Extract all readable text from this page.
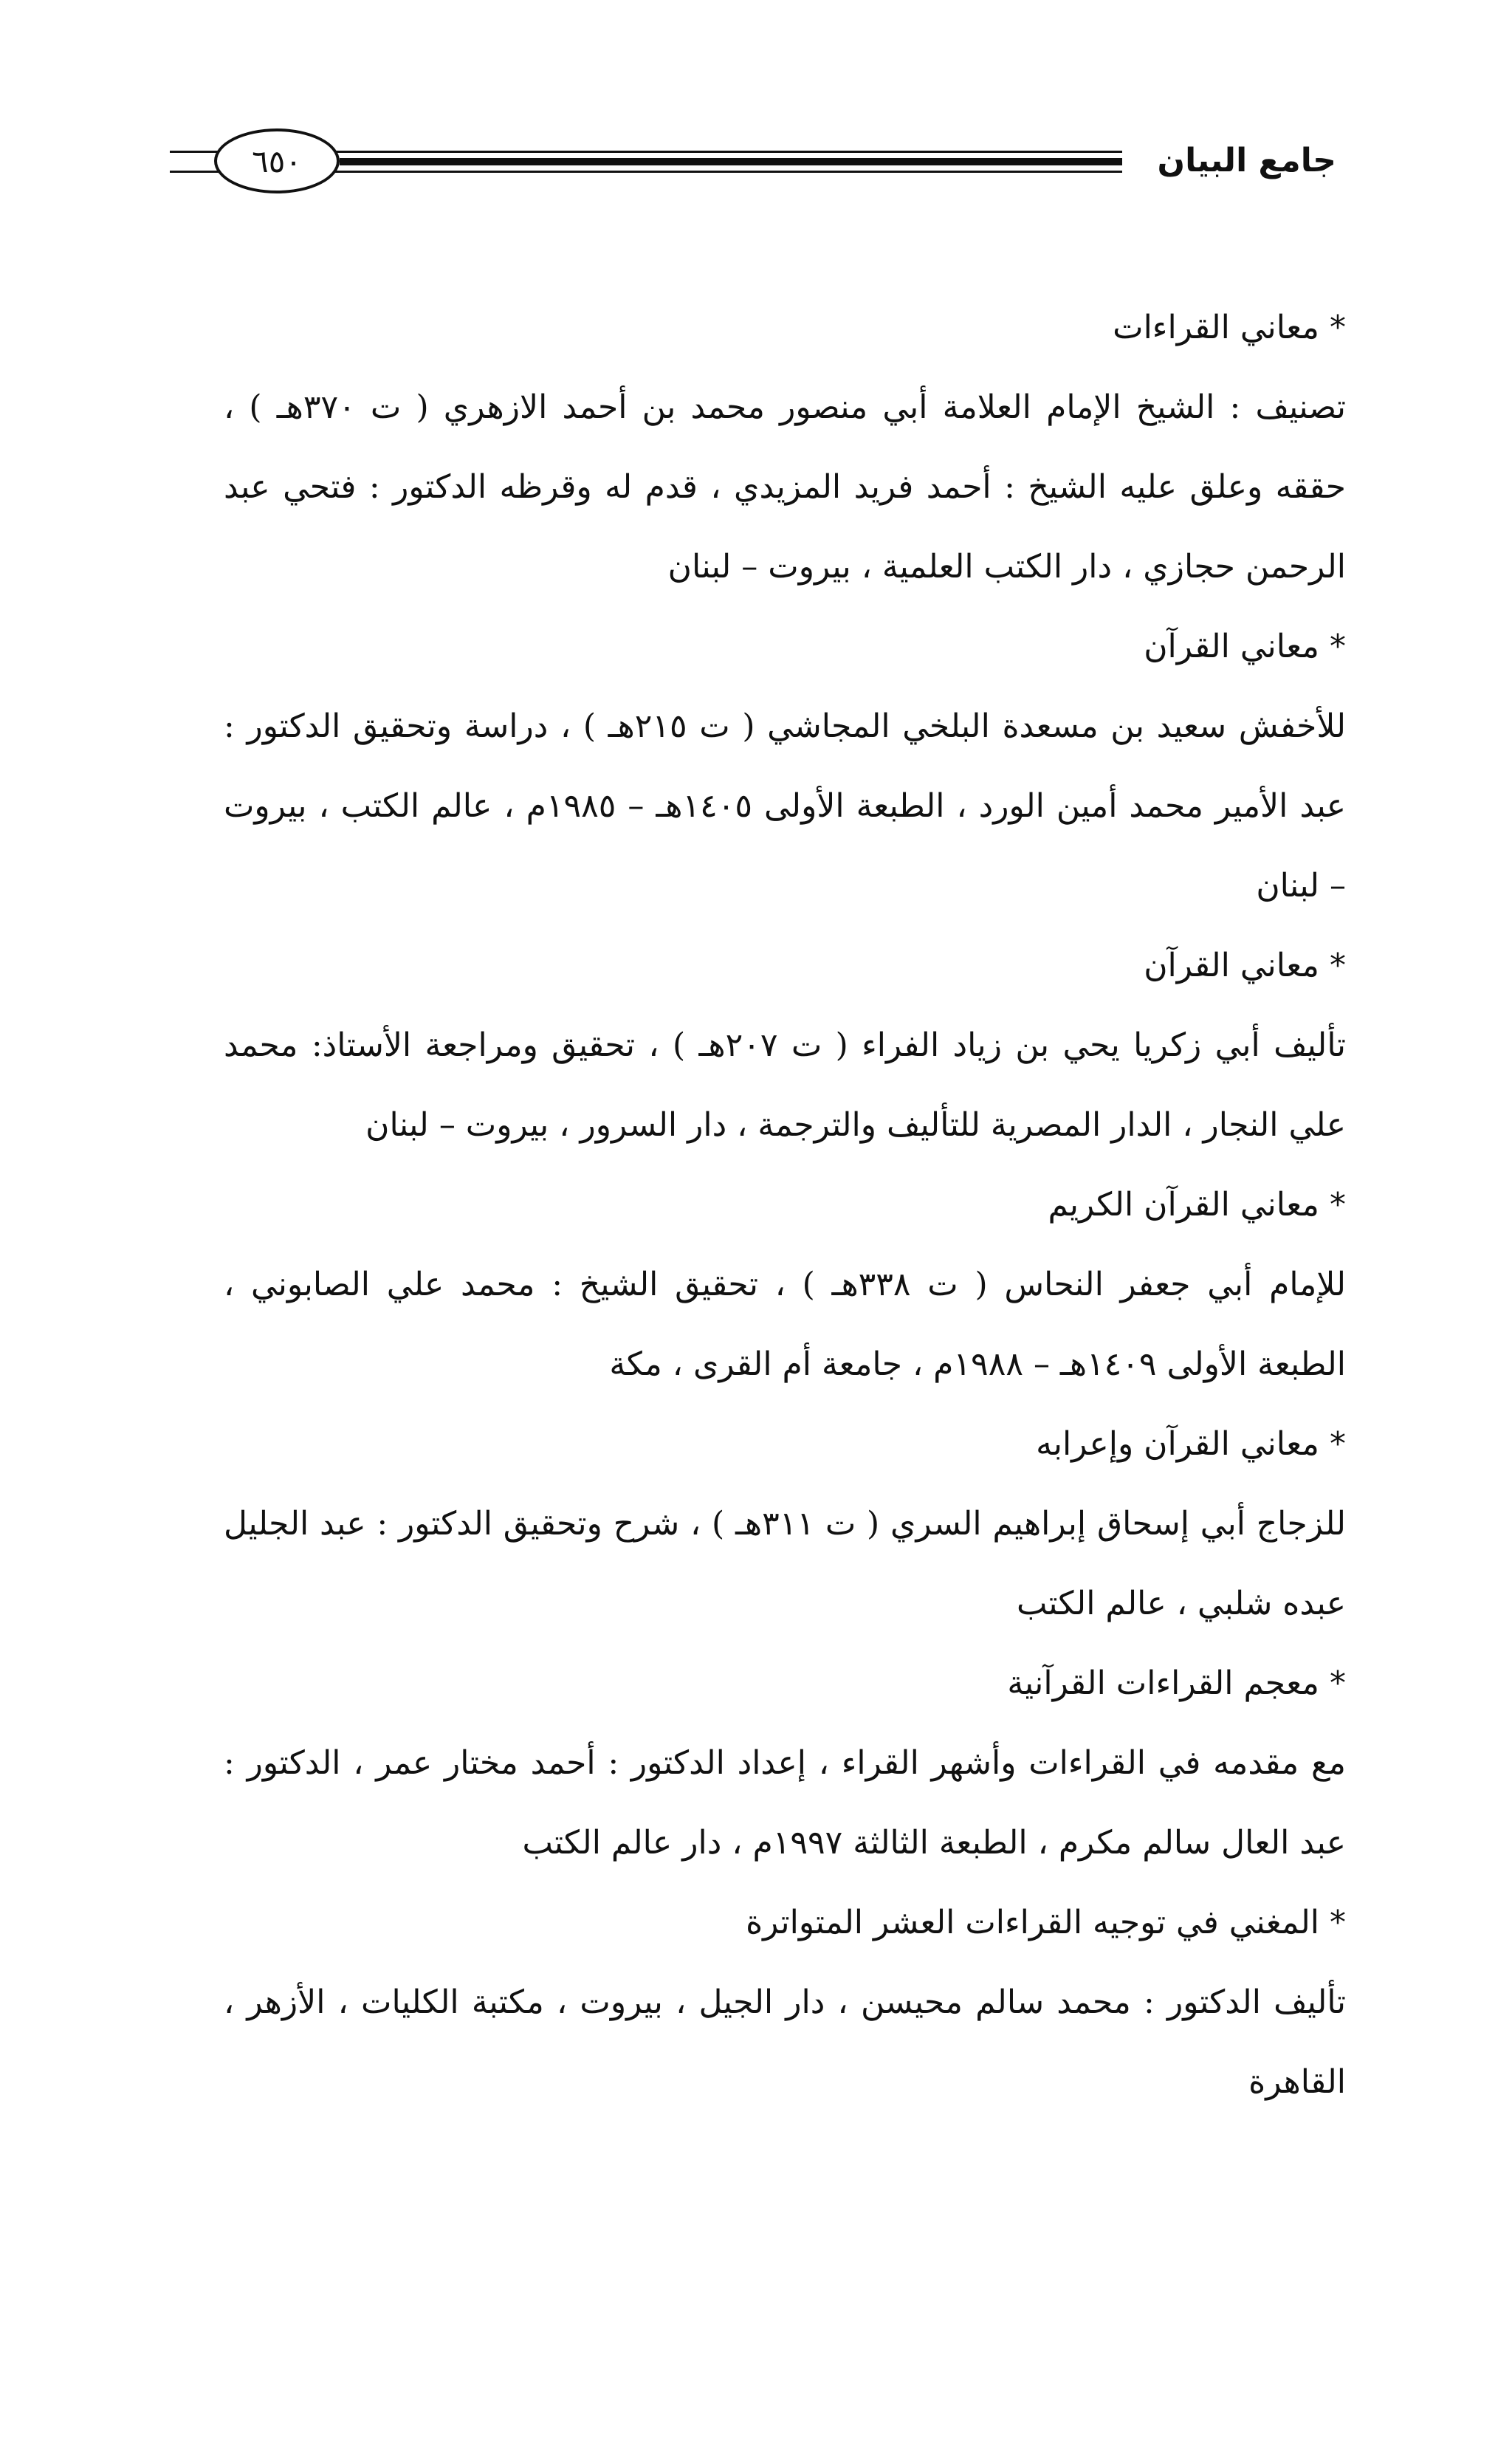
جامع البيان
٦٥٠

*معاني القراءات

تصنيف : الشيخ الإمام العلامة أبي منصور محمد بن أحمد الازهري ( ت ٣٧٠هـ ) ، حققه وعلق عليه الشيخ : أحمد فريد المزيدي ، قدم له وقرظه الدكتور : فتحي عبد الرحمن حجازي ، دار الكتب العلمية ، بيروت – لبنان

*معاني القرآن

للأخفش سعيد بن مسعدة البلخي المجاشي ( ت ٢١٥هـ ) ، دراسة وتحقيق الدكتور : عبد الأمير محمد أمين الورد ، الطبعة الأولى ١٤٠٥هـ – ١٩٨٥م ، عالم الكتب ، بيروت – لبنان

*معاني القرآن

تأليف أبي زكريا يحي بن زياد الفراء ( ت ٢٠٧هـ ) ، تحقيق ومراجعة الأستاذ: محمد علي النجار ، الدار المصرية للتأليف والترجمة ، دار السرور ، بيروت – لبنان

*معاني القرآن الكريم

للإمام أبي جعفر النحاس ( ت ٣٣٨هـ ) ، تحقيق الشيخ : محمد علي الصابوني ، الطبعة الأولى ١٤٠٩هـ – ١٩٨٨م ، جامعة أم القرى ، مكة

*معاني القرآن وإعرابه

للزجاج أبي إسحاق إبراهيم السري ( ت ٣١١هـ ) ، شرح وتحقيق الدكتور : عبد الجليل عبده شلبي ، عالم الكتب

*معجم القراءات القرآنية

مع مقدمه في القراءات وأشهر القراء ، إعداد الدكتور : أحمد مختار عمر ، الدكتور : عبد العال سالم مكرم ، الطبعة الثالثة ١٩٩٧م ، دار عالم الكتب

*المغني في توجيه القراءات العشر المتواترة

تأليف الدكتور : محمد سالم محيسن ، دار الجيل ، بيروت ، مكتبة الكليات ، الأزهر ، القاهرة
